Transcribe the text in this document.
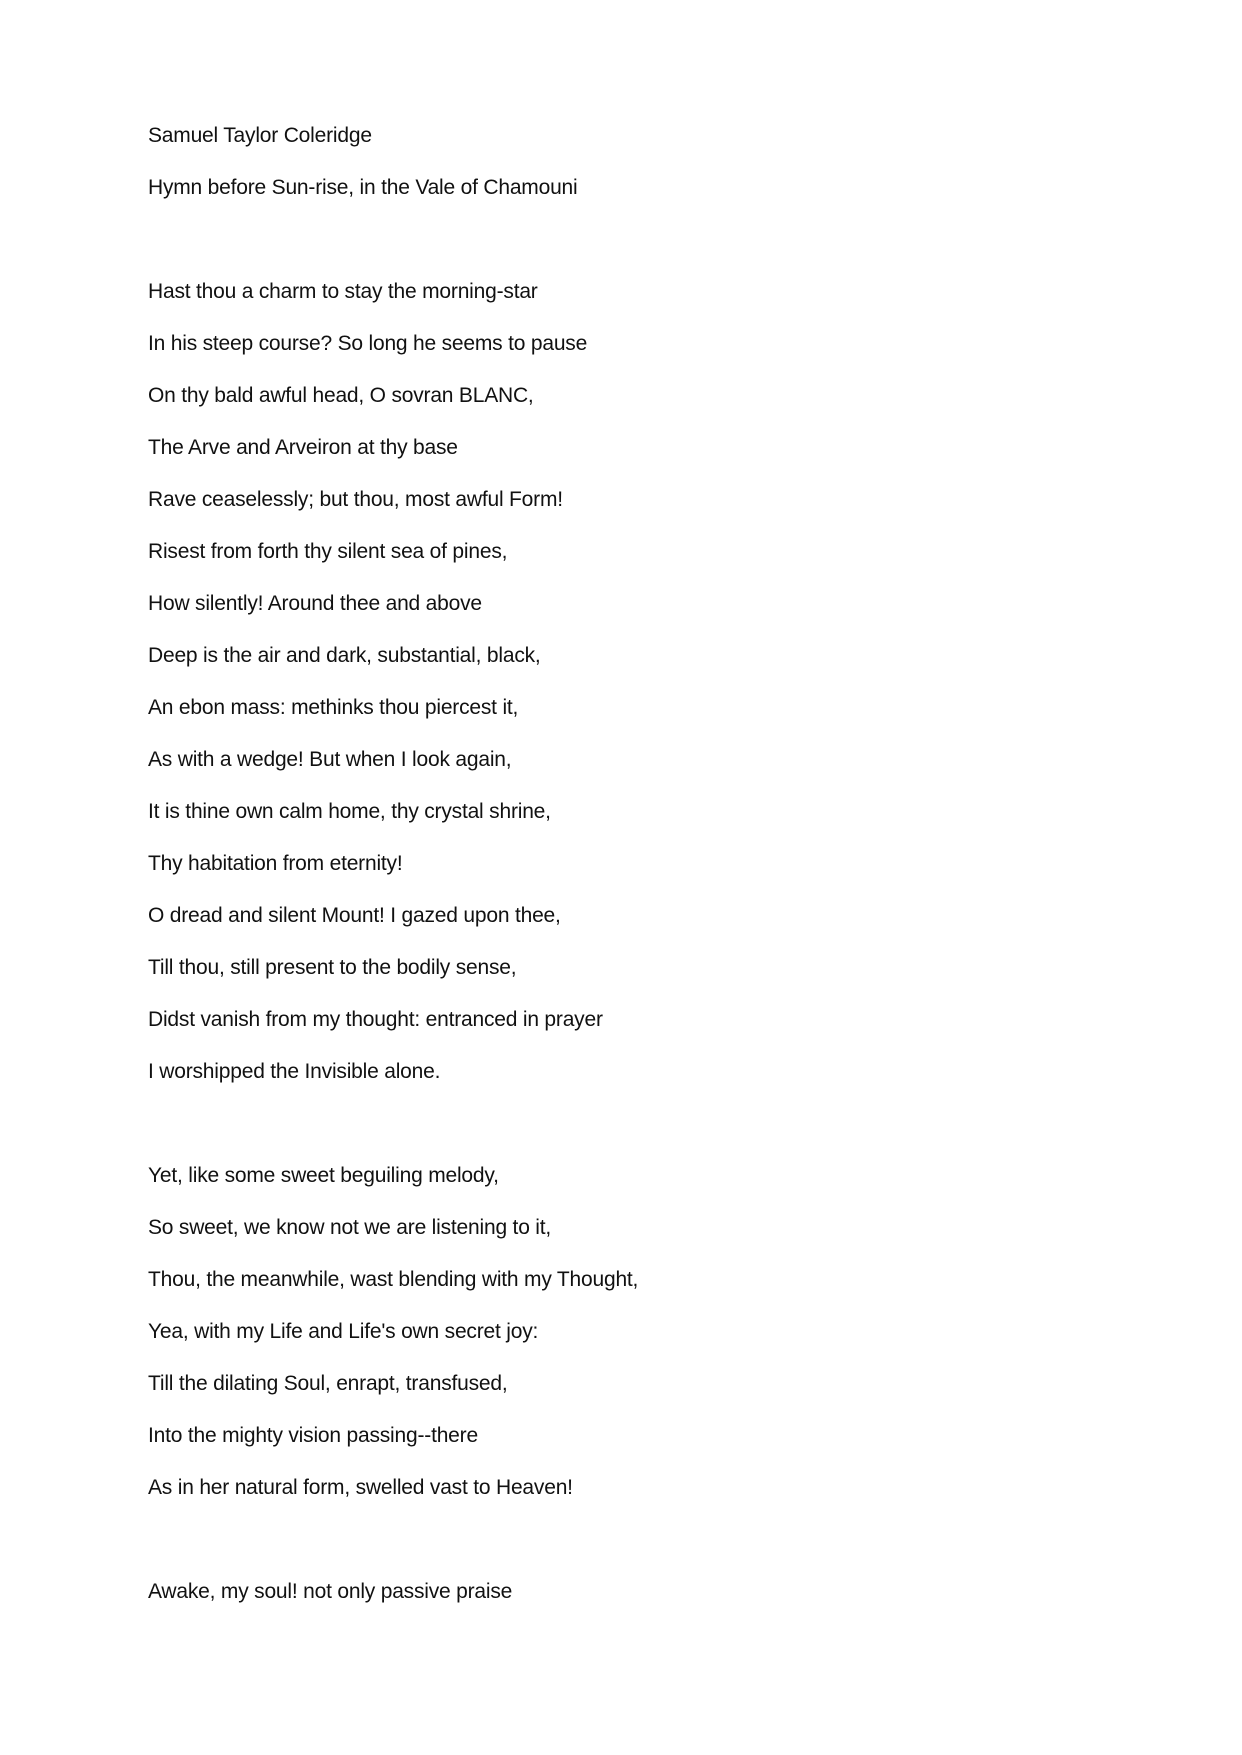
Samuel Taylor Coleridge
Hymn before Sun-rise, in the Vale of Chamouni
Hast thou a charm to stay the morning-star
In his steep course? So long he seems to pause
On thy bald awful head, O sovran BLANC,
The Arve and Arveiron at thy base
Rave ceaselessly; but thou, most awful Form!
Risest from forth thy silent sea of pines,
How silently! Around thee and above
Deep is the air and dark, substantial, black,
An ebon mass: methinks thou piercest it,
As with a wedge! But when I look again,
It is thine own calm home, thy crystal shrine,
Thy habitation from eternity!
O dread and silent Mount! I gazed upon thee,
Till thou, still present to the bodily sense,
Didst vanish from my thought: entranced in prayer
I worshipped the Invisible alone.
Yet, like some sweet beguiling melody,
So sweet, we know not we are listening to it,
Thou, the meanwhile, wast blending with my Thought,
Yea, with my Life and Life's own secret joy:
Till the dilating Soul, enrapt, transfused,
Into the mighty vision passing--there
As in her natural form, swelled vast to Heaven!
Awake, my soul! not only passive praise
